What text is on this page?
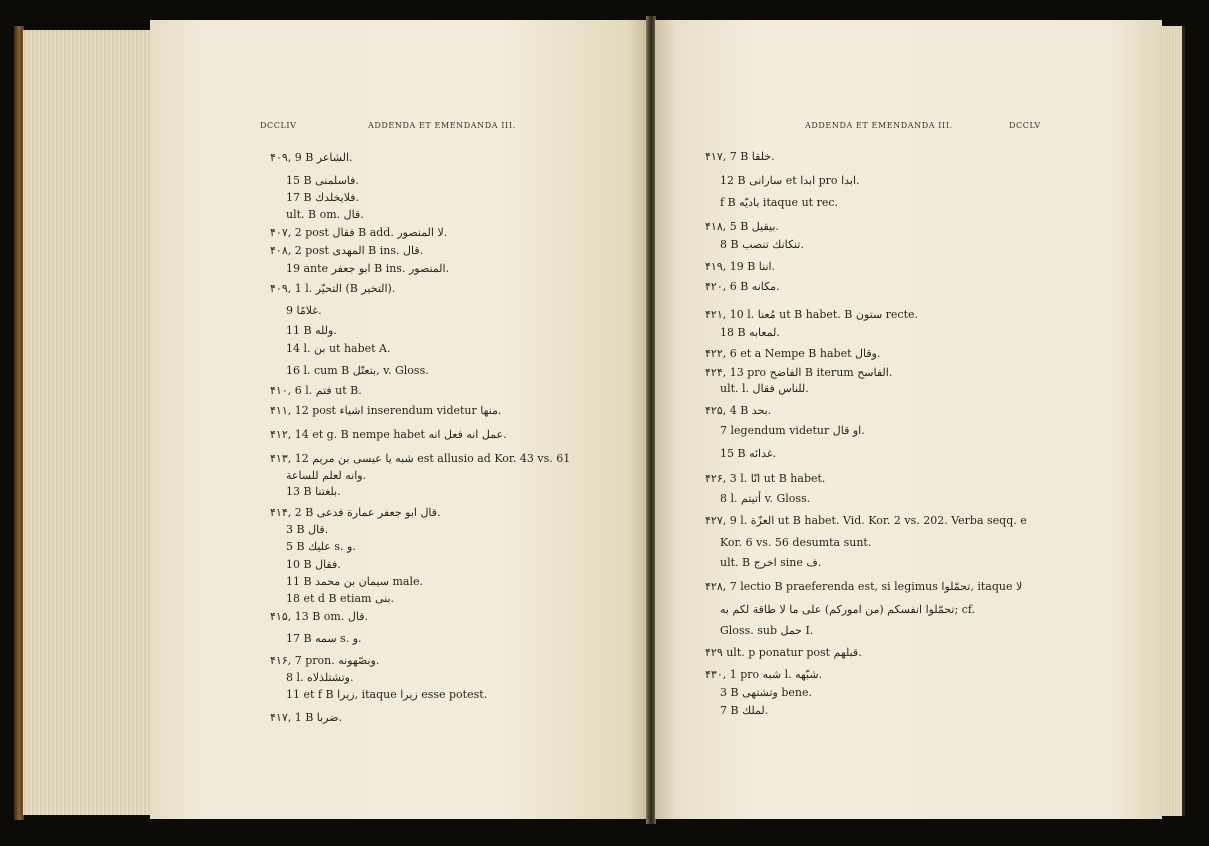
DCCLIV	ADDENDA ET EMENDANDA III.
۴۰۹, 9 B الشاعر.
15 B فاسلمنی.
17 B فلایخلدك.
ult. B om. قال.
۴۰۷, 2 post فقال B add. لا المنصور.
۴۰۸, 2 post المهدی B ins. قال.
19 ante ابو جعفر B ins. المنصور.
۴۰۹, 1 l. التحيّر (B التخير).
9 غلامًا.
11 B ولله.
14 l. بن ut habet A.
16 l. cum B بتعتّل, v. Gloss.
۴۱۰, 6 l. فتم ut B.
۴۱۱, 12 post اشياء inserendum videtur منها.
۴۱۲, 14 et g. B nempe habet عمل انه فعل انه.
۴۱۳, 12 شبه یا عیسی بن مریم est allusio ad Kor. 43 vs. 61
وانه لعلم للساعة.
13 B بلغتنا.
۴۱۴, 2 B قال ابو جعفر عمارة فدعی.
3 B قال.
5 B علیك s. و.
10 B فقال.
11 B سیمان بن محمد male.
18 et d B etiam بنی.
۴۱۵, 13 B om. قال.
17 B سمه s. و.
۴۱۶, 7 pron. وبصّهونه.
8 l. وتشتلذلاه.
11 et f B زیرا, itaque زیرا esse potest.
۴۱۷, 1 B ضربا.
ADDENDA ET EMENDANDA III.	DCCLV
۴۱۷, 7 B خلقا.
12 B سارانی et ابدا pro ابدا.
f B بادیّه itaque ut rec.
۴۱۸, 5 B بيقيل.
8 B تنکانك تنصب.
۴۱۹, 19 B اننا.
۴۲۰, 6 B مکانه.
۴۲۱, 10 l. مُعنا ut B habet. B ستون recte.
18 B لمعابه.
۴۲۲, 6 et a Nempe B habet وقال.
۴۲۴, 13 pro الفاضح B iterum الفاسح.
ult. l. للناس فقال.
۴۲۵, 4 B بحد.
7 legendum videtur او قال.
15 B غدائه.
۴۲۶, 3 l. انّا ut B habet.
8 l. أتيتم v. Gloss.
۴۲۷, 9 l. العزّة ut B habet. Vid. Kor. 2 vs. 202. Verba seqq. e
Kor. 6 vs. 56 desumta sunt.
ult. B اخرج sine ف.
۴۲۸, 7 lectio B praeferenda est, si legimus تحمّلوا, itaque لا
تحمّلوا انفسکم (من امورکم) علی ما لا طاقة لکم به; cf.
Gloss. sub حمل I.
۴۲۹ ult. p ponatur post قبلهم.
۴۳۰, 1 pro شبه l. شبّهه.
3 B وتشتهی bene.
7 B لملك.
